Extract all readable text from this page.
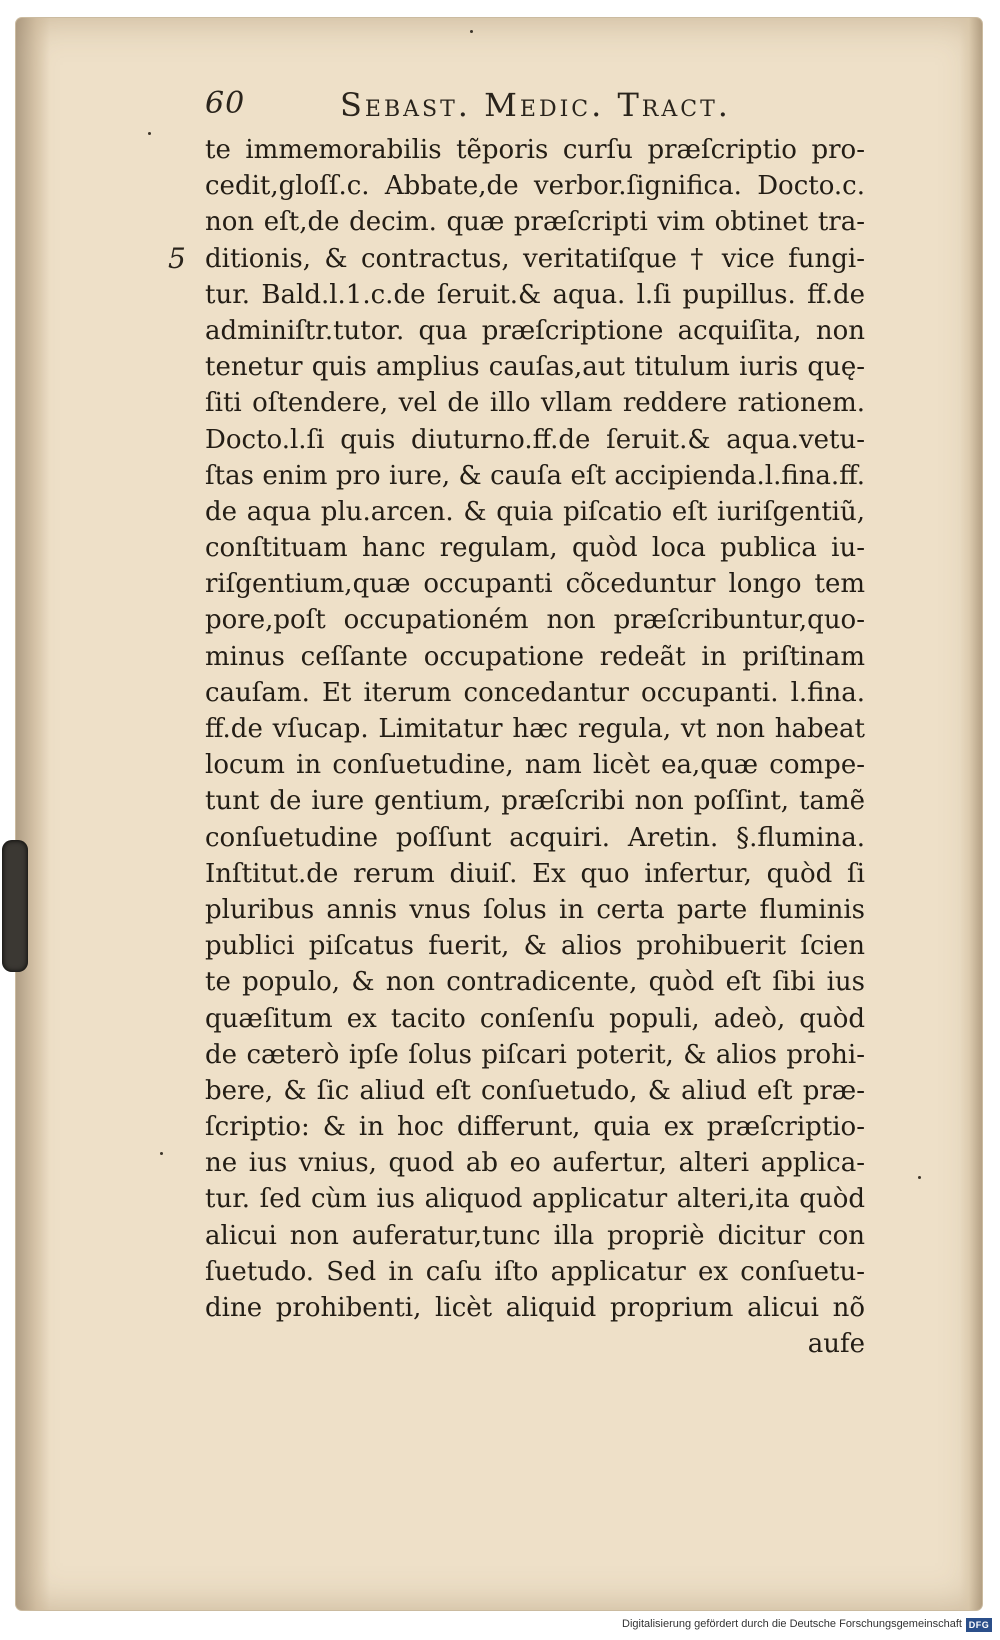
60	Sebast. Medic. Tract.
5
te immemorabilis tẽporis curſu præſcriptio pro-
cedit,gloſſ.c. Abbate,de verbor.ſignifica. Docto.c.
non eſt,de decim. quæ præſcripti vim obtinet tra-
ditionis, & contractus, veritatiſque † vice fungi-
tur. Bald.l.1.c.de ſeruit.& aqua. l.ſi pupillus. ff.de
adminiſtr.tutor. qua præſcriptione acquiſita, non
tenetur quis amplius cauſas,aut titulum iuris quę-
ſiti oſtendere, vel de illo vllam reddere rationem.
Docto.l.ſi quis diuturno.ff.de ſeruit.& aqua.vetu-
ſtas enim pro iure, & cauſa eſt accipienda.l.fina.ff.
de aqua plu.arcen. & quia piſcatio eſt iuriſgentiũ,
conſtituam hanc regulam, quòd loca publica iu-
riſgentium,quæ occupanti cõceduntur longo tem
pore,poſt occupationém non præſcribuntur,quo-
minus ceſſante occupatione redeãt in priſtinam
cauſam. Et iterum concedantur occupanti. l.fina.
ff.de vſucap. Limitatur hæc regula, vt non habeat
locum in conſuetudine, nam licèt ea,quæ compe-
tunt de iure gentium, præſcribi non poſſint, tamẽ
conſuetudine poſſunt acquiri. Aretin. §.flumina.
Inſtitut.de rerum diuiſ. Ex quo infertur, quòd ſi
pluribus annis vnus ſolus in certa parte fluminis
publici piſcatus fuerit, & alios prohibuerit ſcien
te populo, & non contradicente, quòd eſt ſibi ius
quæſitum ex tacito conſenſu populi, adeò, quòd
de cæterò ipſe ſolus piſcari poterit, & alios prohi-
bere, & ſic aliud eſt conſuetudo, & aliud eſt præ-
ſcriptio: & in hoc differunt, quia ex præſcriptio-
ne ius vnius, quod ab eo aufertur, alteri applica-
tur. ſed cùm ius aliquod applicatur alteri,ita quòd
alicui non auferatur,tunc illa propriè dicitur con
ſuetudo. Sed in caſu iſto applicatur ex conſuetu-
dine prohibenti, licèt aliquid proprium alicui nõ
aufe
Digitalisierung gefördert durch die Deutsche Forschungsgemeinschaft DFG
